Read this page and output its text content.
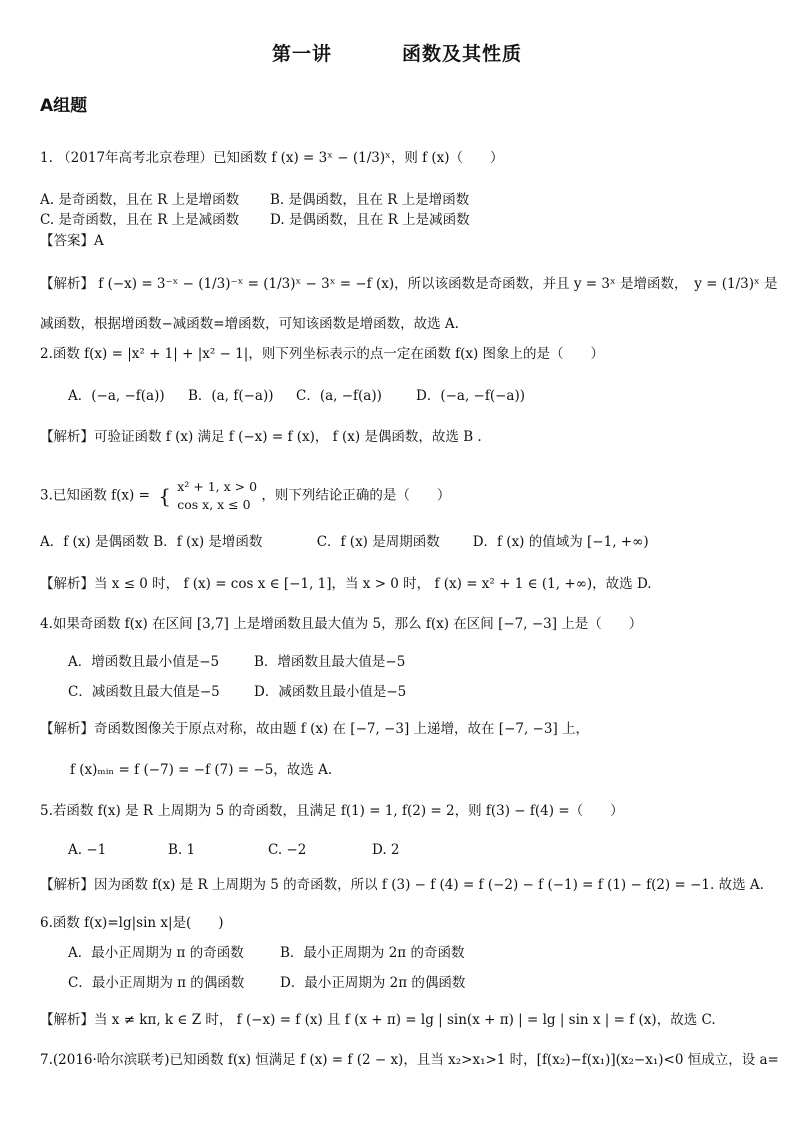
第一讲	函数及其性质
A组题
1. （2017年高考北京卷理）已知函数 f (x) = 3ˣ − (1/3)ˣ，则 f (x)（　　）
A. 是奇函数，且在 R 上是增函数 B. 是偶函数，且在 R 上是增函数
C. 是奇函数，且在 R 上是减函数 D. 是偶函数，且在 R 上是减函数
【答案】A
【解析】 f (−x) = 3⁻ˣ − (1/3)⁻ˣ = (1/3)ˣ − 3ˣ = −f (x)，所以该函数是奇函数，并且 y = 3ˣ 是增函数，　y = (1/3)ˣ 是
减函数，根据增函数−减函数=增函数，可知该函数是增函数，故选 A.
2.函数 f(x) = |x² + 1| + |x² − 1|，则下列坐标表示的点一定在函数 f(x) 图象上的是（　　）
A．(−a, −f(a)) B．(a, f(−a)) C．(a, −f(a))	D．(−a, −f(−a))
【解析】可验证函数 f (x) 满足 f (−x) = f (x)， f (x) 是偶函数，故选 B .
3.已知函数 f(x) = { x² + 1, x > 0
cos x, x ≤ 0
，则下列结论正确的是（　　）
A．f (x) 是偶函数 B．f (x) 是增函数	C．f (x) 是周期函数 D．f (x) 的值域为 [−1, +∞)
【解析】当 x ≤ 0 时， f (x) = cos x ∈ [−1, 1]，当 x > 0 时， f (x) = x² + 1 ∈ (1, +∞)，故选 D.
4.如果奇函数 f(x) 在区间 [3,7] 上是增函数且最大值为 5，那么 f(x) 在区间 [−7, −3] 上是（　　）
A．增函数且最小值是−5	B．增函数且最大值是−5
C．减函数且最大值是−5	D．减函数且最小值是−5
【解析】奇函数图像关于原点对称，故由题 f (x) 在 [−7, −3] 上递增，故在 [−7, −3] 上，
f (x)ₘᵢₙ = f (−7) = −f (7) = −5，故选 A.
5.若函数 f(x) 是 R 上周期为 5 的奇函数，且满足 f(1) = 1, f(2) = 2，则 f(3) − f(4) =（　　）
A. −1	B. 1	C. −2	D. 2
【解析】因为函数 f(x) 是 R 上周期为 5 的奇函数，所以 f (3) − f (4) = f (−2) − f (−1) = f (1) − f(2) = −1. 故选 A.
6.函数 f(x)=lg|sin x|是(　　)
A．最小正周期为 π 的奇函数	B．最小正周期为 2π 的奇函数
C．最小正周期为 π 的偶函数	D．最小正周期为 2π 的偶函数
【解析】当 x ≠ kπ, k ∈ Z 时， f (−x) = f (x) 且 f (x + π) = lg | sin(x + π) | = lg | sin x | = f (x)，故选 C.
7.(2016·哈尔滨联考)已知函数 f(x) 恒满足 f (x) = f (2 − x)，且当 x₂>x₁>1 时，[f(x₂)−f(x₁)](x₂−x₁)<0 恒成立，设 a=
